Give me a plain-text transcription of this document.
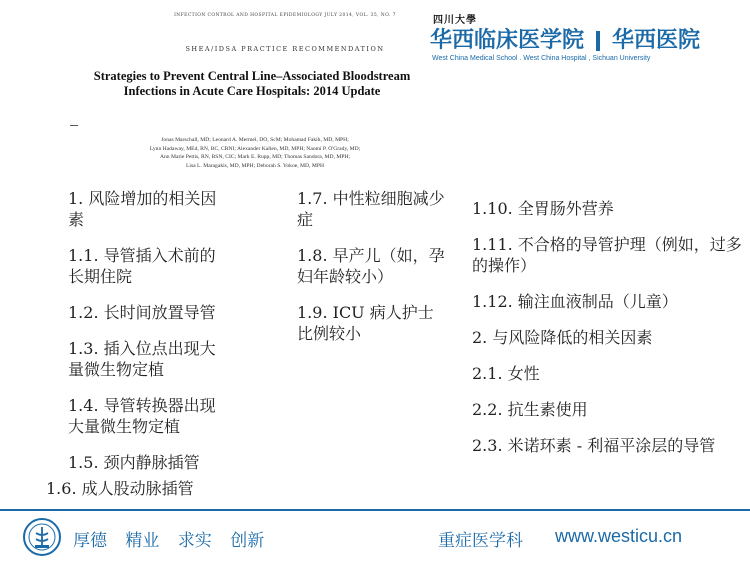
INFECTION CONTROL AND HOSPITAL EPIDEMIOLOGY JULY 2014, VOL. 35, NO. 7
SHEA/IDSA PRACTICE RECOMMENDATION
Strategies to Prevent Central Line–Associated Bloodstream Infections in Acute Care Hospitals: 2014 Update
Jonas Marschall, MD; Leonard A. Mermel, DO, ScM; Mohamad Fakih, MD, MPH;
Lynn Hadaway, MEd, RN, BC, CRNI; Alexander Kallen, MD, MPH; Naomi P. O'Grady, MD;
Ann Marie Pettis, RN, BSN, CIC; Mark E. Rupp, MD; Thomas Sandora, MD, MPH;
Lisa L. Maragakis, MD, MPH; Deborah S. Yokoe, MD, MPH
四川大學
华西临床医学院 华西医院
West China Medical School . West China Hospital , Sichuan University
1. 风险增加的相关因素
1.1. 导管插入术前的长期住院
1.2. 长时间放置导管
1.3. 插入位点出现大量微生物定植
1.4. 导管转换器出现大量微生物定植
1.5. 颈内静脉插管
1.6. 成人股动脉插管
1.7. 中性粒细胞减少症
1.8. 早产儿（如，孕妇年龄较小）
1.9. ICU 病人护士比例较小
1.10. 全胃肠外营养
1.11. 不合格的导管护理（例如，过多的操作）
1.12. 输注血液制品（儿童）
2. 与风险降低的相关因素
2.1. 女性
2.2. 抗生素使用
2.3. 米诺环素 - 利福平涂层的导管
厚德 精业 求实 创新	重症医学科 www.westicu.cn
